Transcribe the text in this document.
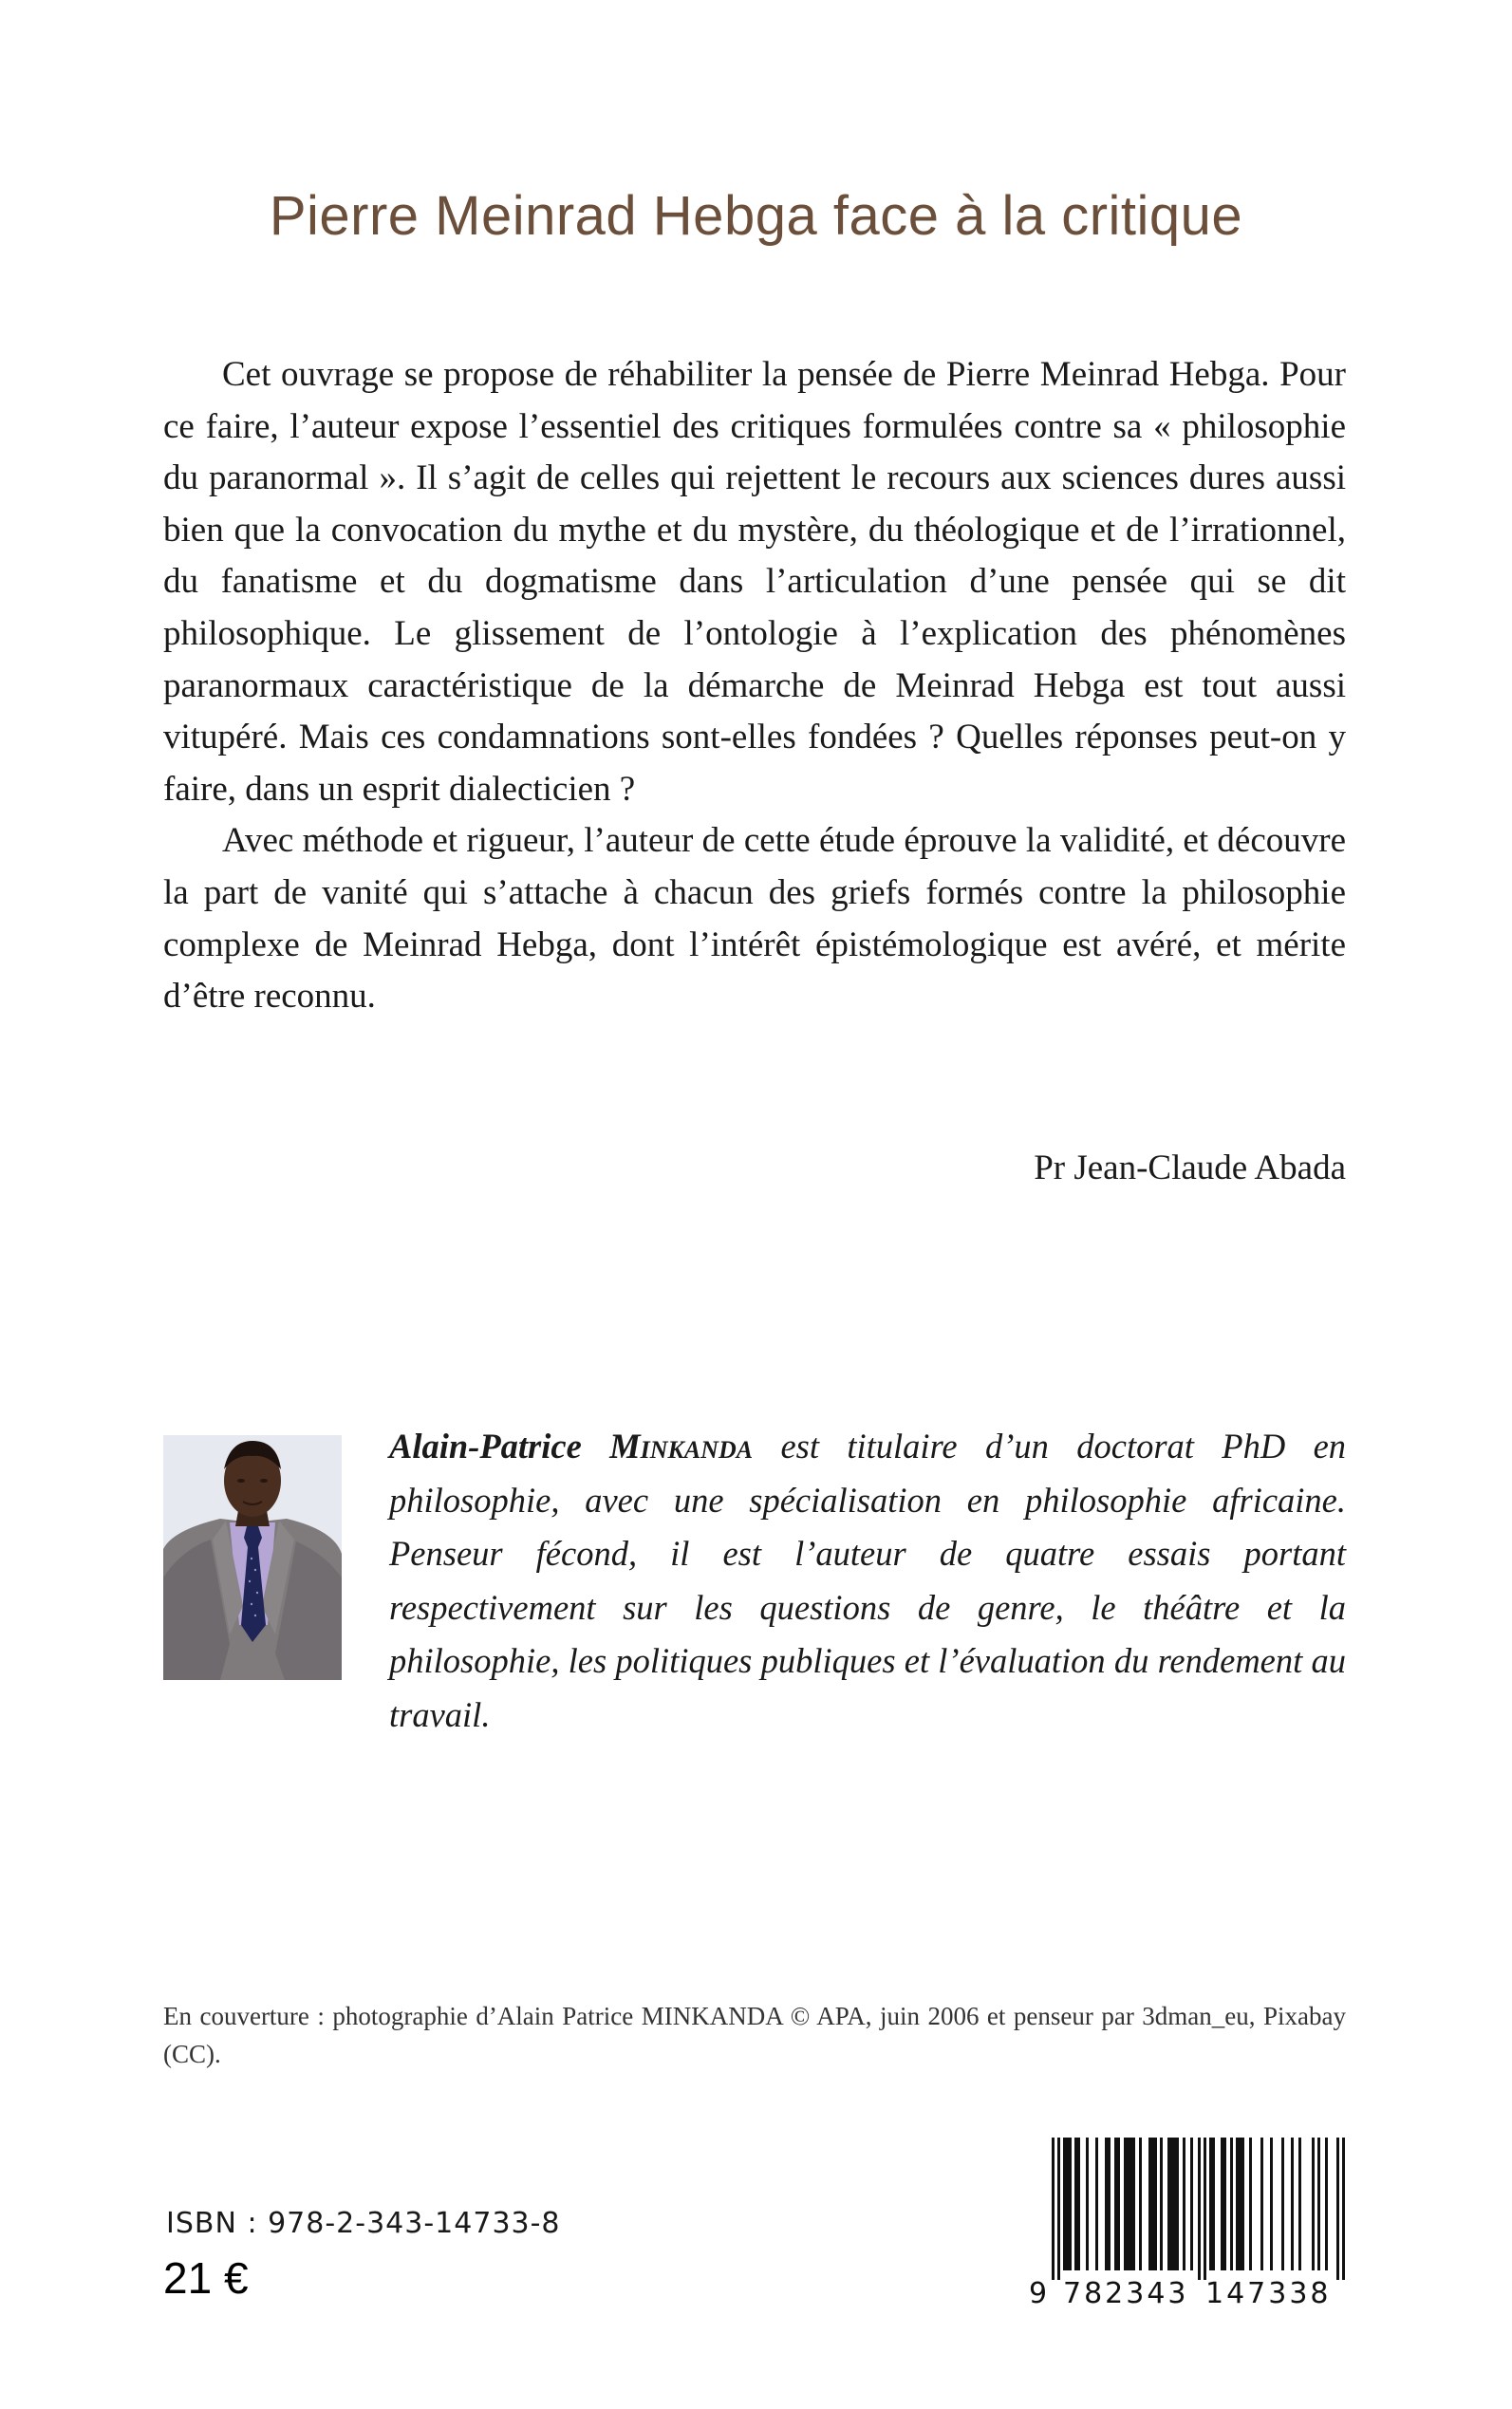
Pierre Meinrad Hebga face à la critique

Cet ouvrage se propose de réhabiliter la pensée de Pierre Meinrad Hebga. Pour ce faire, l’auteur expose l’essentiel des critiques formulées contre sa « philosophie du paranormal ». Il s’agit de celles qui rejettent le recours aux sciences dures aussi bien que la convocation du mythe et du mystère, du théologique et de l’irrationnel, du fanatisme et du dogmatisme dans l’articulation d’une pensée qui se dit philosophique. Le glissement de l’ontologie à l’explication des phénomènes paranormaux caractéristique de la démarche de Meinrad Hebga est tout aussi vitupéré. Mais ces condamnations sont-elles fondées ? Quelles réponses peut-on y faire, dans un esprit dialecticien ?

Avec méthode et rigueur, l’auteur de cette étude éprouve la validité, et découvre la part de vanité qui s’attache à chacun des griefs formés contre la philosophie complexe de Meinrad Hebga, dont l’intérêt épistémologique est avéré, et mérite d’être reconnu.

Pr Jean-Claude Abada
Alain-Patrice Minkanda est titulaire d’un doctorat PhD en philosophie, avec une spécialisation en philosophie africaine. Penseur fécond, il est l’auteur de quatre essais portant respectivement sur les questions de genre, le théâtre et la philosophie, les politiques publiques et l’évaluation du rendement au travail.
En couverture : photographie d’Alain Patrice MINKANDA © APA, juin 2006 et penseur par 3dman_eu, Pixabay (CC).
ISBN : 978-2-343-14733-8
21 €	9 782343 147338
